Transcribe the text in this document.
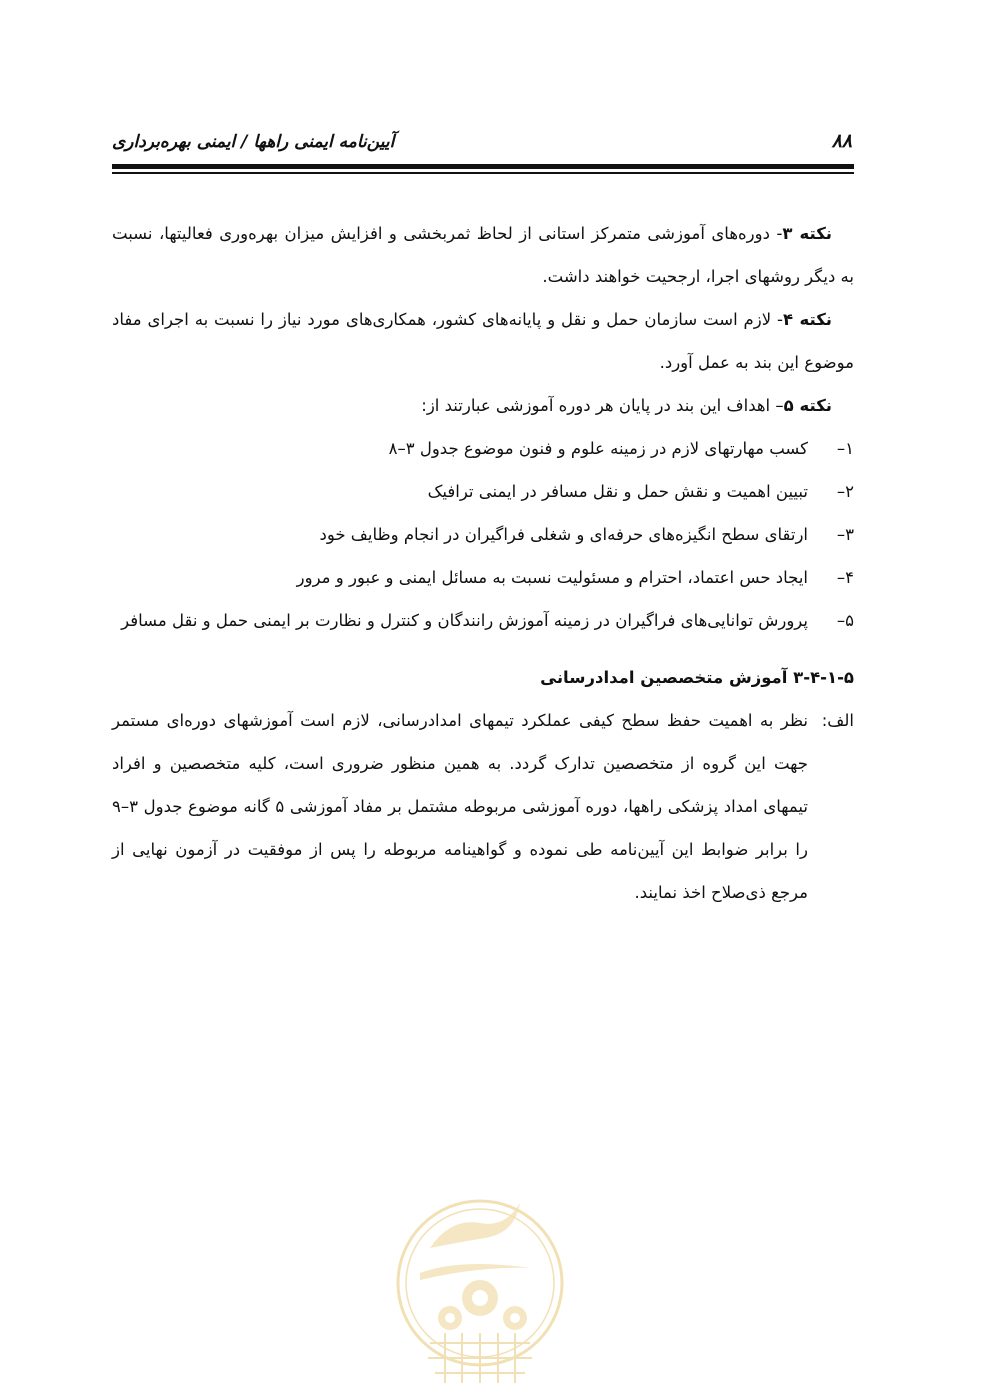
۸۸
آیین‌نامه ایمنی راهها / ایمنی بهره‌برداری

نکته ۳- دوره‌های آموزشی متمرکز استانی از لحاظ ثمربخشی و افزایش میزان بهره‌وری فعالیتها، نسبت به دیگر روشهای اجرا، ارجحیت خواهند داشت.

نکته ۴- لازم است سازمان حمل و نقل و پایانه‌های کشور، همکاری‌های مورد نیاز را نسبت به اجرای مفاد موضوع این بند به عمل آورد.

نکته ۵– اهداف این بند در پایان هر دوره آموزشی عبارتند از:

۱–
کسب مهارتهای لازم در زمینه علوم و فنون موضوع جدول ۳–۸
۲–
تبیین اهمیت و نقش حمل و نقل مسافر در ایمنی ترافیک
۳–
ارتقای سطح انگیزه‌های حرفه‌ای و شغلی فراگیران در انجام وظایف خود
۴–
ایجاد حس اعتماد، احترام و مسئولیت نسبت به مسائل ایمنی و عبور و مرور
۵–
پرورش توانایی‌های فراگیران در زمینه آموزش رانندگان و کنترل و نظارت بر ایمنی حمل و نقل مسافر

۳-۴-۱-۵ آموزش متخصصین امدادرسانی

الف:
نظر به اهمیت حفظ سطح کیفی عملکرد تیمهای امدادرسانی، لازم است آموزشهای دوره‌ای مستمر جهت این گروه از متخصصین تدارک گردد. به همین منظور ضروری است، کلیه متخصصین و افراد تیمهای امداد پزشکی راهها، دوره آموزشی مربوطه مشتمل بر مفاد آموزشی ۵ گانه موضوع جدول ۳–۹ را برابر ضوابط این آیین‌نامه طی نموده و گواهینامه مربوطه را پس از موفقیت در آزمون نهایی از مرجع ذی‌صلاح اخذ نمایند.
